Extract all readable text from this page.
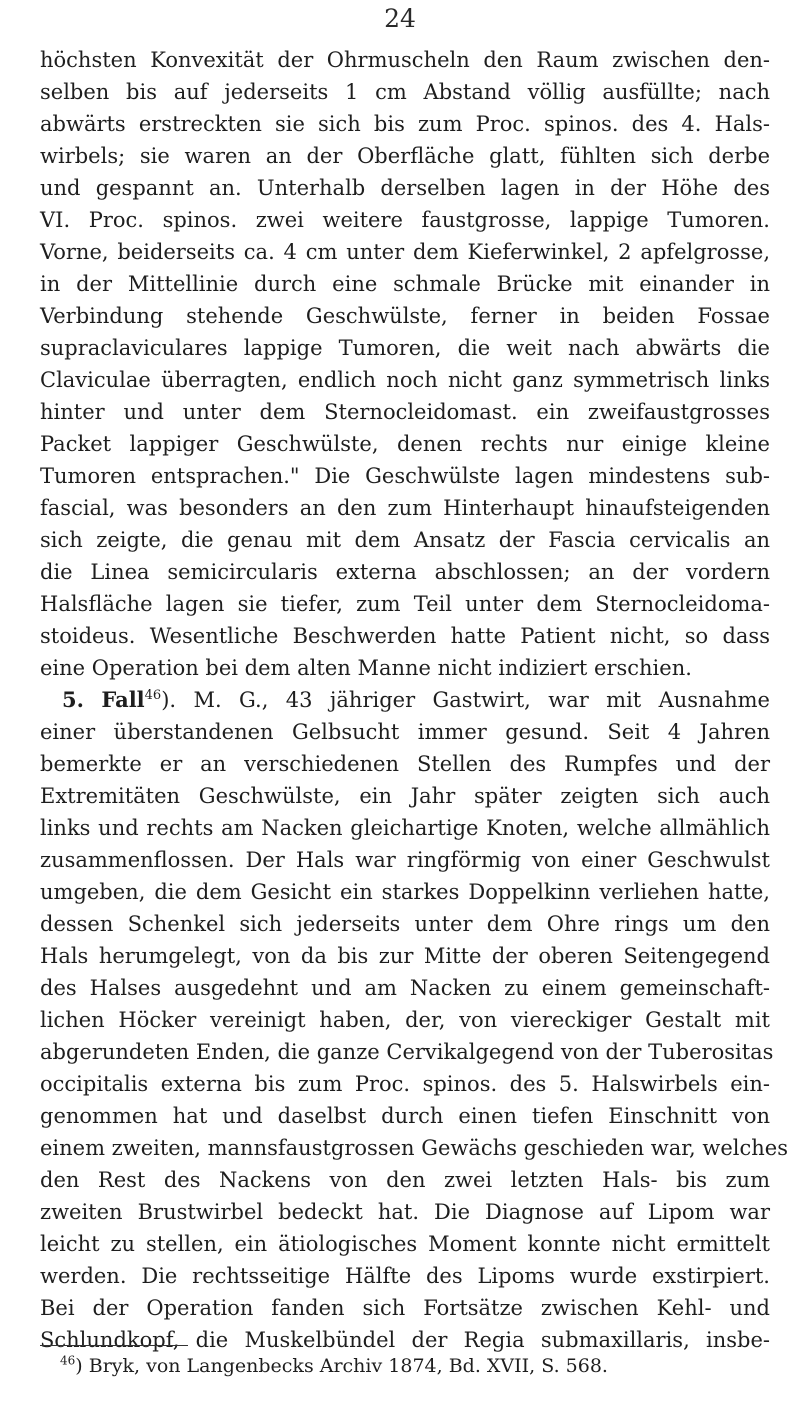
24
höchsten Konvexität der Ohrmuscheln den Raum zwischen den-
selben bis auf jederseits 1 cm Abstand völlig ausfüllte; nach
abwärts erstreckten sie sich bis zum Proc. spinos. des 4. Hals-
wirbels; sie waren an der Oberfläche glatt, fühlten sich derbe
und gespannt an. Unterhalb derselben lagen in der Höhe des
VI. Proc. spinos. zwei weitere faustgrosse, lappige Tumoren.
Vorne, beiderseits ca. 4 cm unter dem Kieferwinkel, 2 apfelgrosse,
in der Mittellinie durch eine schmale Brücke mit einander in
Verbindung stehende Geschwülste, ferner in beiden Fossae
supraclaviculares lappige Tumoren, die weit nach abwärts die
Claviculae überragten, endlich noch nicht ganz symmetrisch links
hinter und unter dem Sternocleidomast. ein zweifaustgrosses
Packet lappiger Geschwülste, denen rechts nur einige kleine
Tumoren entsprachen." Die Geschwülste lagen mindestens sub-
fascial, was besonders an den zum Hinterhaupt hinaufsteigenden
sich zeigte, die genau mit dem Ansatz der Fascia cervicalis an
die Linea semicircularis externa abschlossen; an der vordern
Halsfläche lagen sie tiefer, zum Teil unter dem Sternocleidoma-
stoideus. Wesentliche Beschwerden hatte Patient nicht, so dass
eine Operation bei dem alten Manne nicht indiziert erschien.
5. Fall$^{46}$). M. G., 43 jähriger Gastwirt, war mit Ausnahme
einer überstandenen Gelbsucht immer gesund. Seit 4 Jahren
bemerkte er an verschiedenen Stellen des Rumpfes und der
Extremitäten Geschwülste, ein Jahr später zeigten sich auch
links und rechts am Nacken gleichartige Knoten, welche allmählich
zusammenflossen. Der Hals war ringförmig von einer Geschwulst
umgeben, die dem Gesicht ein starkes Doppelkinn verliehen hatte,
dessen Schenkel sich jederseits unter dem Ohre rings um den
Hals herumgelegt, von da bis zur Mitte der oberen Seitengegend
des Halses ausgedehnt und am Nacken zu einem gemeinschaft-
lichen Höcker vereinigt haben, der, von viereckiger Gestalt mit
abgerundeten Enden, die ganze Cervikalgegend von der Tuberositas
occipitalis externa bis zum Proc. spinos. des 5. Halswirbels ein-
genommen hat und daselbst durch einen tiefen Einschnitt von
einem zweiten, mannsfaustgrossen Gewächs geschieden war, welches
den Rest des Nackens von den zwei letzten Hals- bis zum
zweiten Brustwirbel bedeckt hat. Die Diagnose auf Lipom war
leicht zu stellen, ein ätiologisches Moment konnte nicht ermittelt
werden. Die rechtsseitige Hälfte des Lipoms wurde exstirpiert.
Bei der Operation fanden sich Fortsätze zwischen Kehl- und
Schlundkopf, die Muskelbündel der Regia submaxillaris, insbe-
$^{46}$) Bryk, von Langenbecks Archiv 1874, Bd. XVII, S. 568.
